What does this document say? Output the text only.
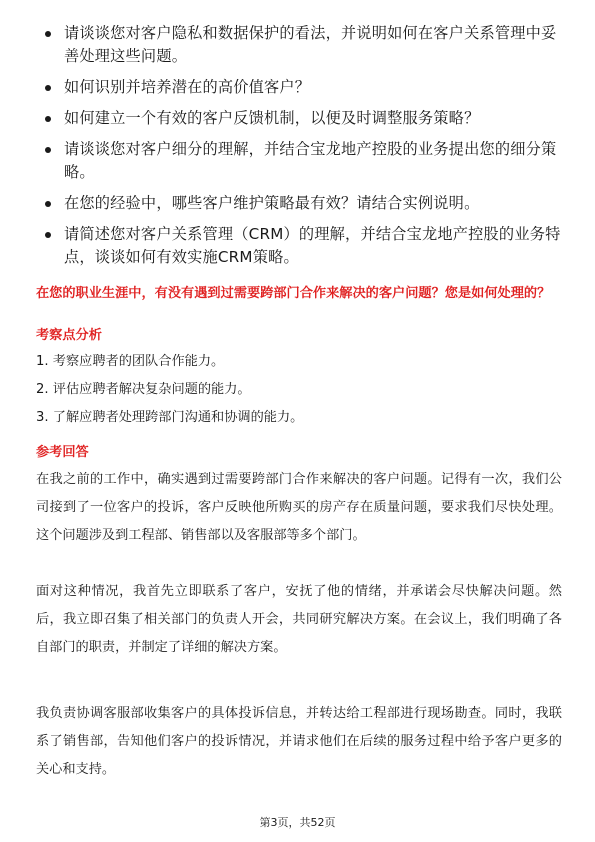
请谈谈您对客户隐私和数据保护的看法，并说明如何在客户关系管理中妥善处理这些问题。
如何识别并培养潜在的高价值客户？
如何建立一个有效的客户反馈机制，以便及时调整服务策略？
请谈谈您对客户细分的理解，并结合宝龙地产控股的业务提出您的细分策略。
在您的经验中，哪些客户维护策略最有效？请结合实例说明。
请简述您对客户关系管理（CRM）的理解，并结合宝龙地产控股的业务特点，谈谈如何有效实施CRM策略。

在您的职业生涯中，有没有遇到过需要跨部门合作来解决的客户问题？您是如何处理的？

考察点分析

1. 考察应聘者的团队合作能力。

2. 评估应聘者解决复杂问题的能力。

3. 了解应聘者处理跨部门沟通和协调的能力。

参考回答

在我之前的工作中，确实遇到过需要跨部门合作来解决的客户问题。记得有一次，我们公司接到了一位客户的投诉，客户反映他所购买的房产存在质量问题，要求我们尽快处理。这个问题涉及到工程部、销售部以及客服部等多个部门。

面对这种情况，我首先立即联系了客户，安抚了他的情绪，并承诺会尽快解决问题。然后，我立即召集了相关部门的负责人开会，共同研究解决方案。在会议上，我们明确了各自部门的职责，并制定了详细的解决方案。

我负责协调客服部收集客户的具体投诉信息，并转达给工程部进行现场勘查。同时，我联系了销售部，告知他们客户的投诉情况，并请求他们在后续的服务过程中给予客户更多的关心和支持。

第3页，共52页
